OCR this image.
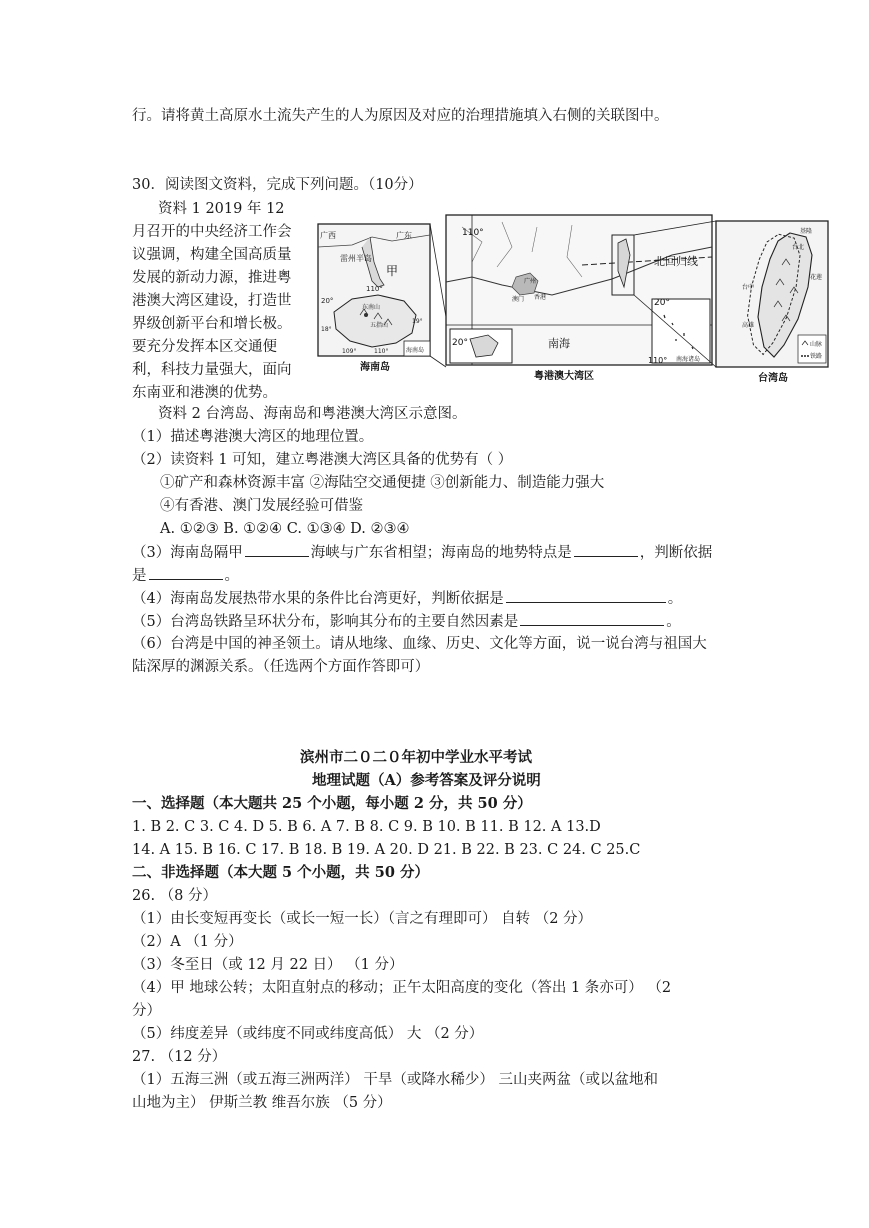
行。请将黄土高原水土流失产生的人为原因及对应的治理措施填入右侧的关联图中。
30．阅读图文资料，完成下列问题。（10分）
资料 1 2019 年 12
月召开的中央经济工作会
议强调，构建全国高质量
发展的新动力源，推进粤
港澳大湾区建设，打造世
界级创新平台和增长极。
要充分发挥本区交通便
利，科技力量强大，面向
东南亚和港澳的优势。
广西	广东
雷州半岛
甲
110°
20°
海南岛
东南山
五指山
19°
18°
109°	110°
海南岛
110°
广州
香港
澳门
北回归线
20°
南海
20°
110° 南海诸岛
粤港澳大湾区
基隆
台北
台中
花莲
高雄
山脉
铁路
台湾岛
资料 2 台湾岛、海南岛和粤港澳大湾区示意图。
（1）描述粤港澳大湾区的地理位置。
（2）读资料 1 可知，建立粤港澳大湾区具备的优势有（ ）
①矿产和森林资源丰富 ②海陆空交通便捷 ③创新能力、制造能力强大
④有香港、澳门发展经验可借鉴
A. ①②③ B. ①②④ C. ①③④ D. ②③④
（3）海南岛隔甲	海峡与广东省相望；海南岛的地势特点是	，判断依据
是	。
（4）海南岛发展热带水果的条件比台湾更好，判断依据是	。
（5）台湾岛铁路呈环状分布，影响其分布的主要自然因素是	。
（6）台湾是中国的神圣领土。请从地缘、血缘、历史、文化等方面，说一说台湾与祖国大
陆深厚的渊源关系。（任选两个方面作答即可）
滨州市二０二０年初中学业水平考试
地理试题（A）参考答案及评分说明
一、选择题（本大题共 25 个小题，每小题 2 分，共 50 分）
1. B 2. C 3. C 4. D 5. B 6. A 7. B 8. C 9. B 10. B 11. B 12. A 13.D
14. A 15. B 16. C 17. B 18. B 19. A 20. D 21. B 22. B 23. C 24. C 25.C
二、非选择题（本大题 5 个小题，共 50 分）
26. （8 分）
（1）由长变短再变长（或长一短一长）（言之有理即可） 自转 （2 分）
（2）A （1 分）
（3）冬至日（或 12 月 22 日） （1 分）
（4）甲 地球公转；太阳直射点的移动；正午太阳高度的变化（答出 1 条亦可） （2
分）
（5）纬度差异（或纬度不同或纬度高低） 大 （2 分）
27. （12 分）
（1）五海三洲（或五海三洲两洋） 干旱（或降水稀少） 三山夹两盆（或以盆地和
山地为主） 伊斯兰教 维吾尔族 （5 分）
